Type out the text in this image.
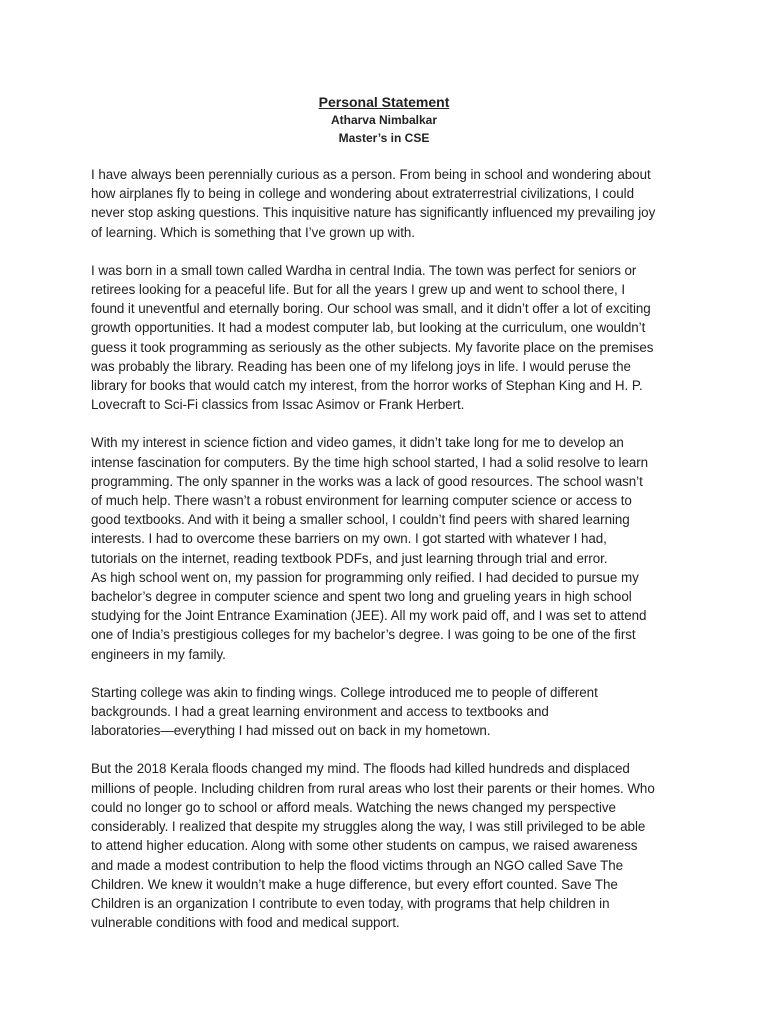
Personal Statement

Atharva Nimbalkar

Master’s in CSE

I have always been perennially curious as a person. From being in school and wondering about
how airplanes fly to being in college and wondering about extraterrestrial civilizations, I could
never stop asking questions. This inquisitive nature has significantly influenced my prevailing joy
of learning. Which is something that I’ve grown up with.

I was born in a small town called Wardha in central India. The town was perfect for seniors or
retirees looking for a peaceful life. But for all the years I grew up and went to school there, I
found it uneventful and eternally boring. Our school was small, and it didn’t offer a lot of exciting
growth opportunities. It had a modest computer lab, but looking at the curriculum, one wouldn’t
guess it took programming as seriously as the other subjects. My favorite place on the premises
was probably the library. Reading has been one of my lifelong joys in life. I would peruse the
library for books that would catch my interest, from the horror works of Stephan King and H. P.
Lovecraft to Sci-Fi classics from Issac Asimov or Frank Herbert.

With my interest in science fiction and video games, it didn’t take long for me to develop an
intense fascination for computers. By the time high school started, I had a solid resolve to learn
programming. The only spanner in the works was a lack of good resources. The school wasn’t
of much help. There wasn’t a robust environment for learning computer science or access to
good textbooks. And with it being a smaller school, I couldn’t find peers with shared learning
interests. I had to overcome these barriers on my own. I got started with whatever I had,
tutorials on the internet, reading textbook PDFs, and just learning through trial and error.
As high school went on, my passion for programming only reified. I had decided to pursue my
bachelor’s degree in computer science and spent two long and grueling years in high school
studying for the Joint Entrance Examination (JEE). All my work paid off, and I was set to attend
one of India’s prestigious colleges for my bachelor’s degree. I was going to be one of the first
engineers in my family.

Starting college was akin to finding wings. College introduced me to people of different
backgrounds. I had a great learning environment and access to textbooks and
laboratories—everything I had missed out on back in my hometown.

But the 2018 Kerala floods changed my mind. The floods had killed hundreds and displaced
millions of people. Including children from rural areas who lost their parents or their homes. Who
could no longer go to school or afford meals. Watching the news changed my perspective
considerably. I realized that despite my struggles along the way, I was still privileged to be able
to attend higher education. Along with some other students on campus, we raised awareness
and made a modest contribution to help the flood victims through an NGO called Save The
Children. We knew it wouldn’t make a huge difference, but every effort counted. Save The
Children is an organization I contribute to even today, with programs that help children in
vulnerable conditions with food and medical support.
